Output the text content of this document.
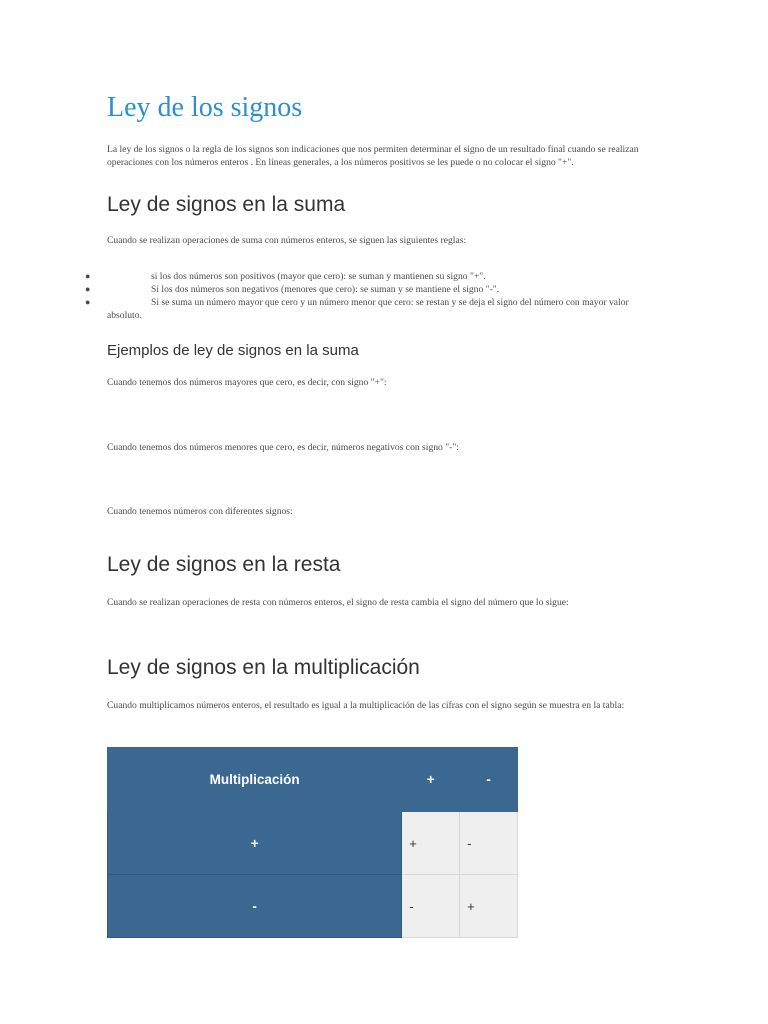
Ley de los signos

La ley de los signos o la regla de los signos son indicaciones que nos permiten determinar el signo de un resultado final cuando se realizan operaciones con los números enteros . En líneas generales, a los números positivos se les puede o no colocar el signo "+".

Ley de signos en la suma

Cuando se realizan operaciones de suma con números enteros, se siguen las siguientes reglas:

●	si los dos números son positivos (mayor que cero): se suman y mantienen su signo "+".
●	Si los dos números son negativos (menores que cero): se suman y se mantiene el signo "-".
●	Si se suma un número mayor que cero y un número menor que cero: se restan y se deja el signo del número con mayor valor absoluto.
Ejemplos de ley de signos en la suma

Cuando tenemos dos números mayores que cero, es decir, con signo "+":

Cuando tenemos dos números menores que cero, es decir, números negativos con signo "-":

Cuando tenemos números con diferentes signos:

Ley de signos en la resta

Cuando se realizan operaciones de resta con números enteros, el signo de resta cambia el signo del número que lo sigue:

Ley de signos en la multiplicación

Cuando multiplicamos números enteros, el resultado es igual a la multiplicación de las cifras con el signo según se muestra en la tabla:

Multiplicación	+	-
+	+	-
-	-	+
